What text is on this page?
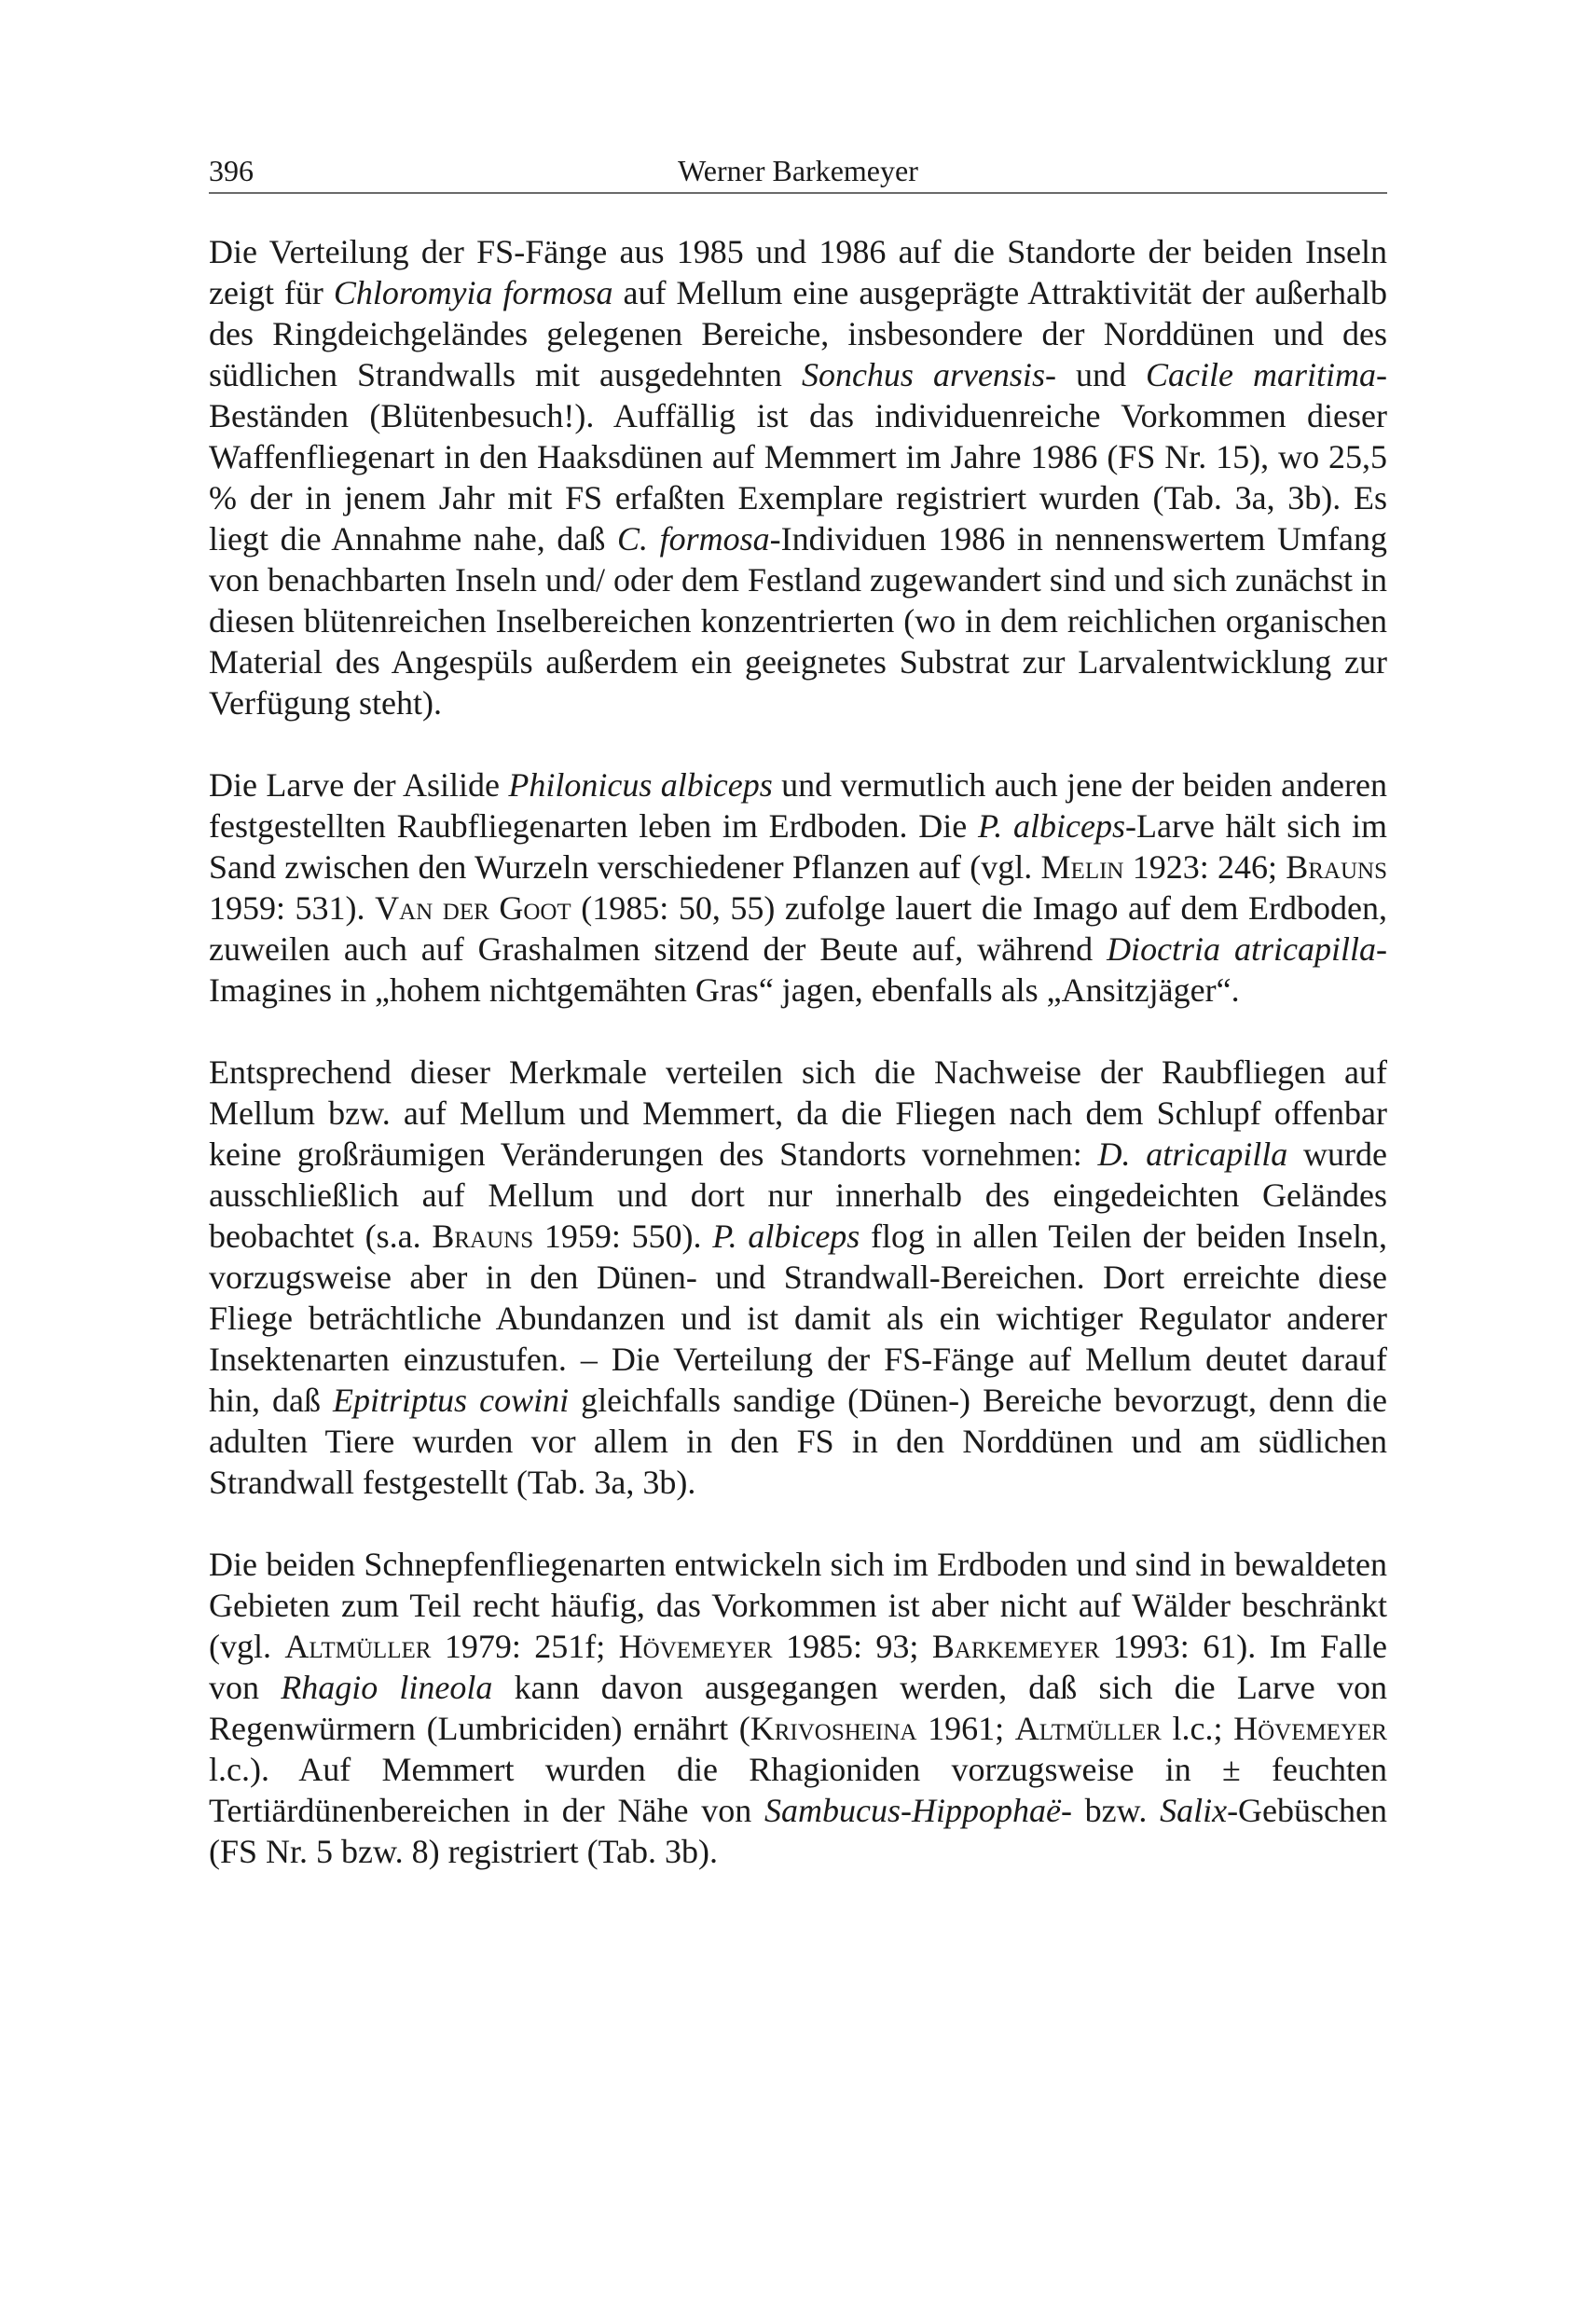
396	Werner Barkemeyer

Die Verteilung der FS-Fänge aus 1985 und 1986 auf die Standorte der beiden Inseln zeigt für Chloromyia formosa auf Mellum eine ausgeprägte Attraktivität der außerhalb des Ringdeichgeländes gelegenen Bereiche, insbesondere der Norddünen und des südlichen Strandwalls mit ausgedehnten Sonchus arvensis- und Cacile maritima-Beständen (Blütenbesuch!). Auffällig ist das individuenreiche Vorkommen dieser Waffenfliegenart in den Haaksdünen auf Memmert im Jahre 1986 (FS Nr. 15), wo 25,5 % der in jenem Jahr mit FS erfaßten Exemplare registriert wurden (Tab. 3a, 3b). Es liegt die Annahme nahe, daß C. formosa-Individuen 1986 in nennenswertem Umfang von benachbarten Inseln und/ oder dem Festland zugewandert sind und sich zunächst in diesen blütenreichen Inselbereichen konzentrierten (wo in dem reichlichen organischen Material des Angespüls außerdem ein geeignetes Substrat zur Larvalentwicklung zur Verfügung steht).

Die Larve der Asilide Philonicus albiceps und vermutlich auch jene der beiden anderen festgestellten Raubfliegenarten leben im Erdboden. Die P. albiceps-Larve hält sich im Sand zwischen den Wurzeln verschiedener Pflanzen auf (vgl. Melin 1923: 246; Brauns 1959: 531). Van der Goot (1985: 50, 55) zufolge lauert die Imago auf dem Erdboden, zuweilen auch auf Grashalmen sitzend der Beute auf, während Dioctria atricapilla-Imagines in „hohem nichtgemähten Gras“ jagen, ebenfalls als „Ansitzjäger“.

Entsprechend dieser Merkmale verteilen sich die Nachweise der Raubfliegen auf Mellum bzw. auf Mellum und Memmert, da die Fliegen nach dem Schlupf offenbar keine großräumigen Veränderungen des Standorts vornehmen: D. atricapilla wurde ausschließlich auf Mellum und dort nur innerhalb des eingedeichten Geländes beobachtet (s.a. Brauns 1959: 550). P. albiceps flog in allen Teilen der beiden Inseln, vorzugsweise aber in den Dünen- und Strandwall-Bereichen. Dort erreichte diese Fliege beträchtliche Abundanzen und ist damit als ein wichtiger Regulator anderer Insektenarten einzustufen. – Die Verteilung der FS-Fänge auf Mellum deutet darauf hin, daß Epitriptus cowini gleichfalls sandige (Dünen-) Bereiche bevorzugt, denn die adulten Tiere wurden vor allem in den FS in den Norddünen und am südlichen Strandwall festgestellt (Tab. 3a, 3b).

Die beiden Schnepfenfliegenarten entwickeln sich im Erdboden und sind in bewaldeten Gebieten zum Teil recht häufig, das Vorkommen ist aber nicht auf Wälder beschränkt (vgl. Altmüller 1979: 251f; Hövemeyer 1985: 93; Barkemeyer 1993: 61). Im Falle von Rhagio lineola kann davon ausgegangen werden, daß sich die Larve von Regenwürmern (Lumbriciden) ernährt (Krivosheina 1961; Altmüller l.c.; Hövemeyer l.c.). Auf Memmert wurden die Rhagioniden vorzugsweise in ± feuchten Tertiärdünenbereichen in der Nähe von Sambucus-Hippophaë- bzw. Salix-Gebüschen (FS Nr. 5 bzw. 8) registriert (Tab. 3b).
